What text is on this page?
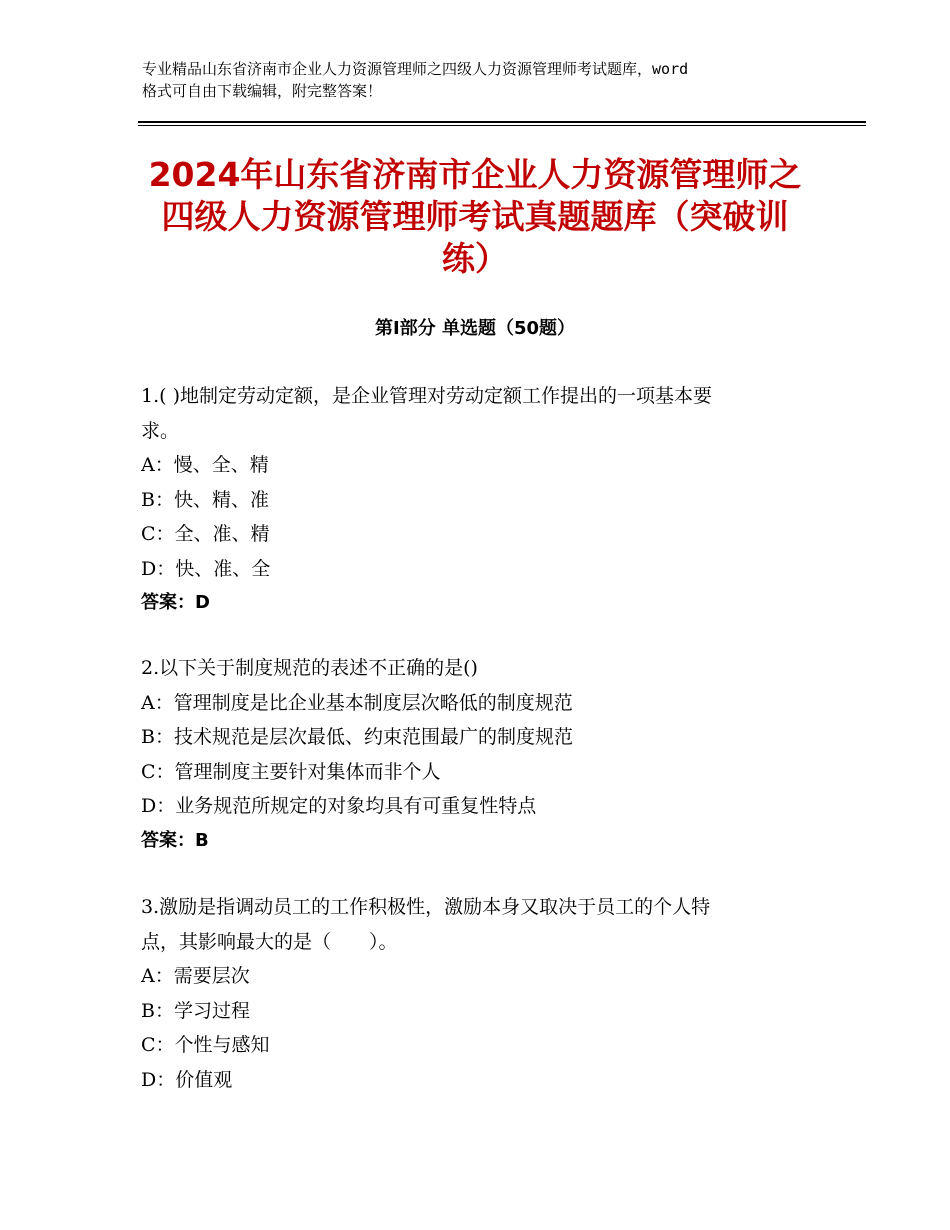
专业精品山东省济南市企业人力资源管理师之四级人力资源管理师考试题库，word
格式可自由下载编辑，附完整答案！
2024年山东省济南市企业人力资源管理师之
四级人力资源管理师考试真题题库（突破训
练）
第Ⅰ部分 单选题（50题）
1.( )地制定劳动定额，是企业管理对劳动定额工作提出的一项基本要
求。
A：慢、全、精
B：快、精、准
C：全、准、精
D：快、准、全
答案：D
2.以下关于制度规范的表述不正确的是()
A：管理制度是比企业基本制度层次略低的制度规范
B：技术规范是层次最低、约束范围最广的制度规范
C：管理制度主要针对集体而非个人
D：业务规范所规定的对象均具有可重复性特点
答案：B
3.激励是指调动员工的工作积极性，激励本身又取决于员工的个人特
点，其影响最大的是（　　）。
A：需要层次
B：学习过程
C：个性与感知
D：价值观
